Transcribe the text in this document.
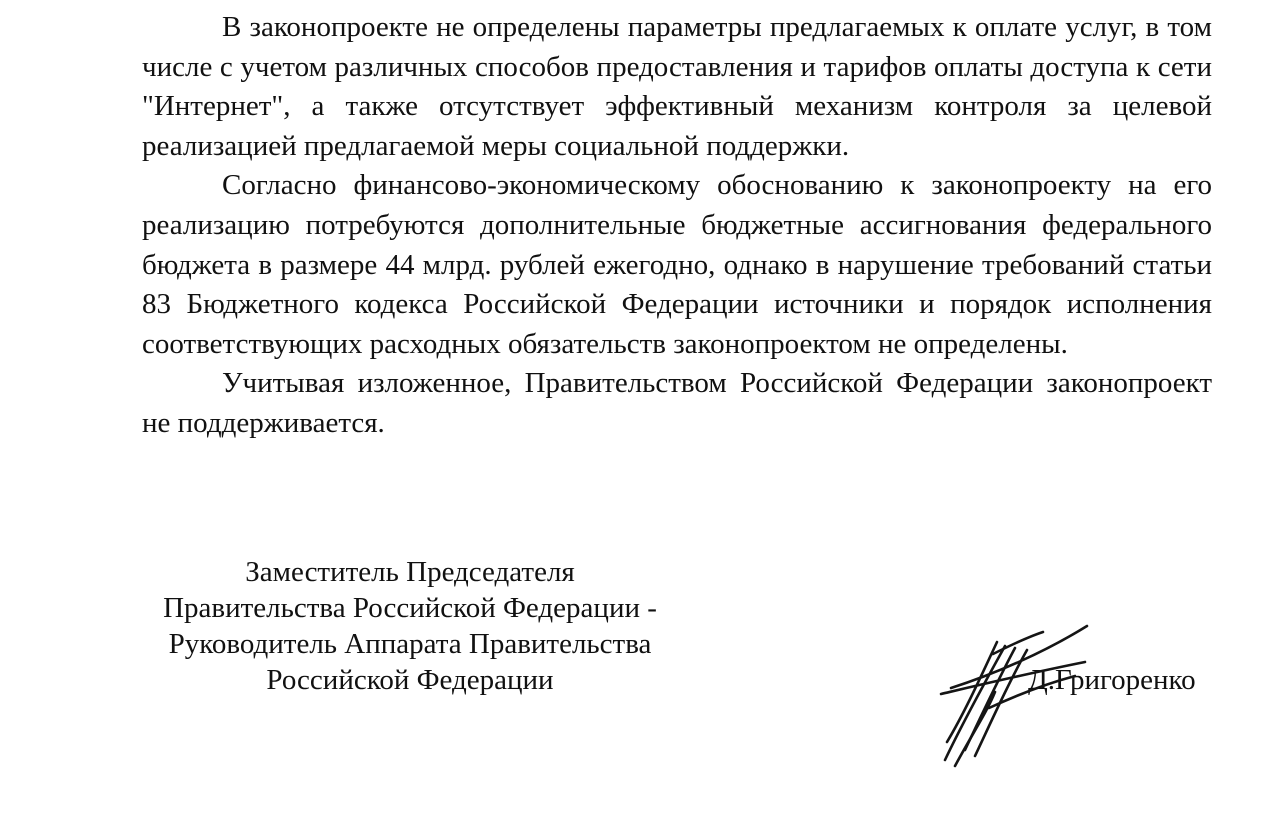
В законопроекте не определены параметры предлагаемых к оплате услуг, в том числе с учетом различных способов предоставления и тарифов оплаты доступа к сети "Интернет", а также отсутствует эффективный механизм контроля за целевой реализацией предлагаемой меры социальной поддержки.

Согласно финансово-экономическому обоснованию к законопроекту на его реализацию потребуются дополнительные бюджетные ассигнования федерального бюджета в размере 44 млрд. рублей ежегодно, однако в нарушение требований статьи 83 Бюджетного кодекса Российской Федерации источники и порядок исполнения соответствующих расходных обязательств законопроектом не определены.

Учитывая изложенное, Правительством Российской Федерации законопроект не поддерживается.

Заместитель Председателя
Правительства Российской Федерации -
Руководитель Аппарата Правительства
Российской Федерации	Д.Григоренко
